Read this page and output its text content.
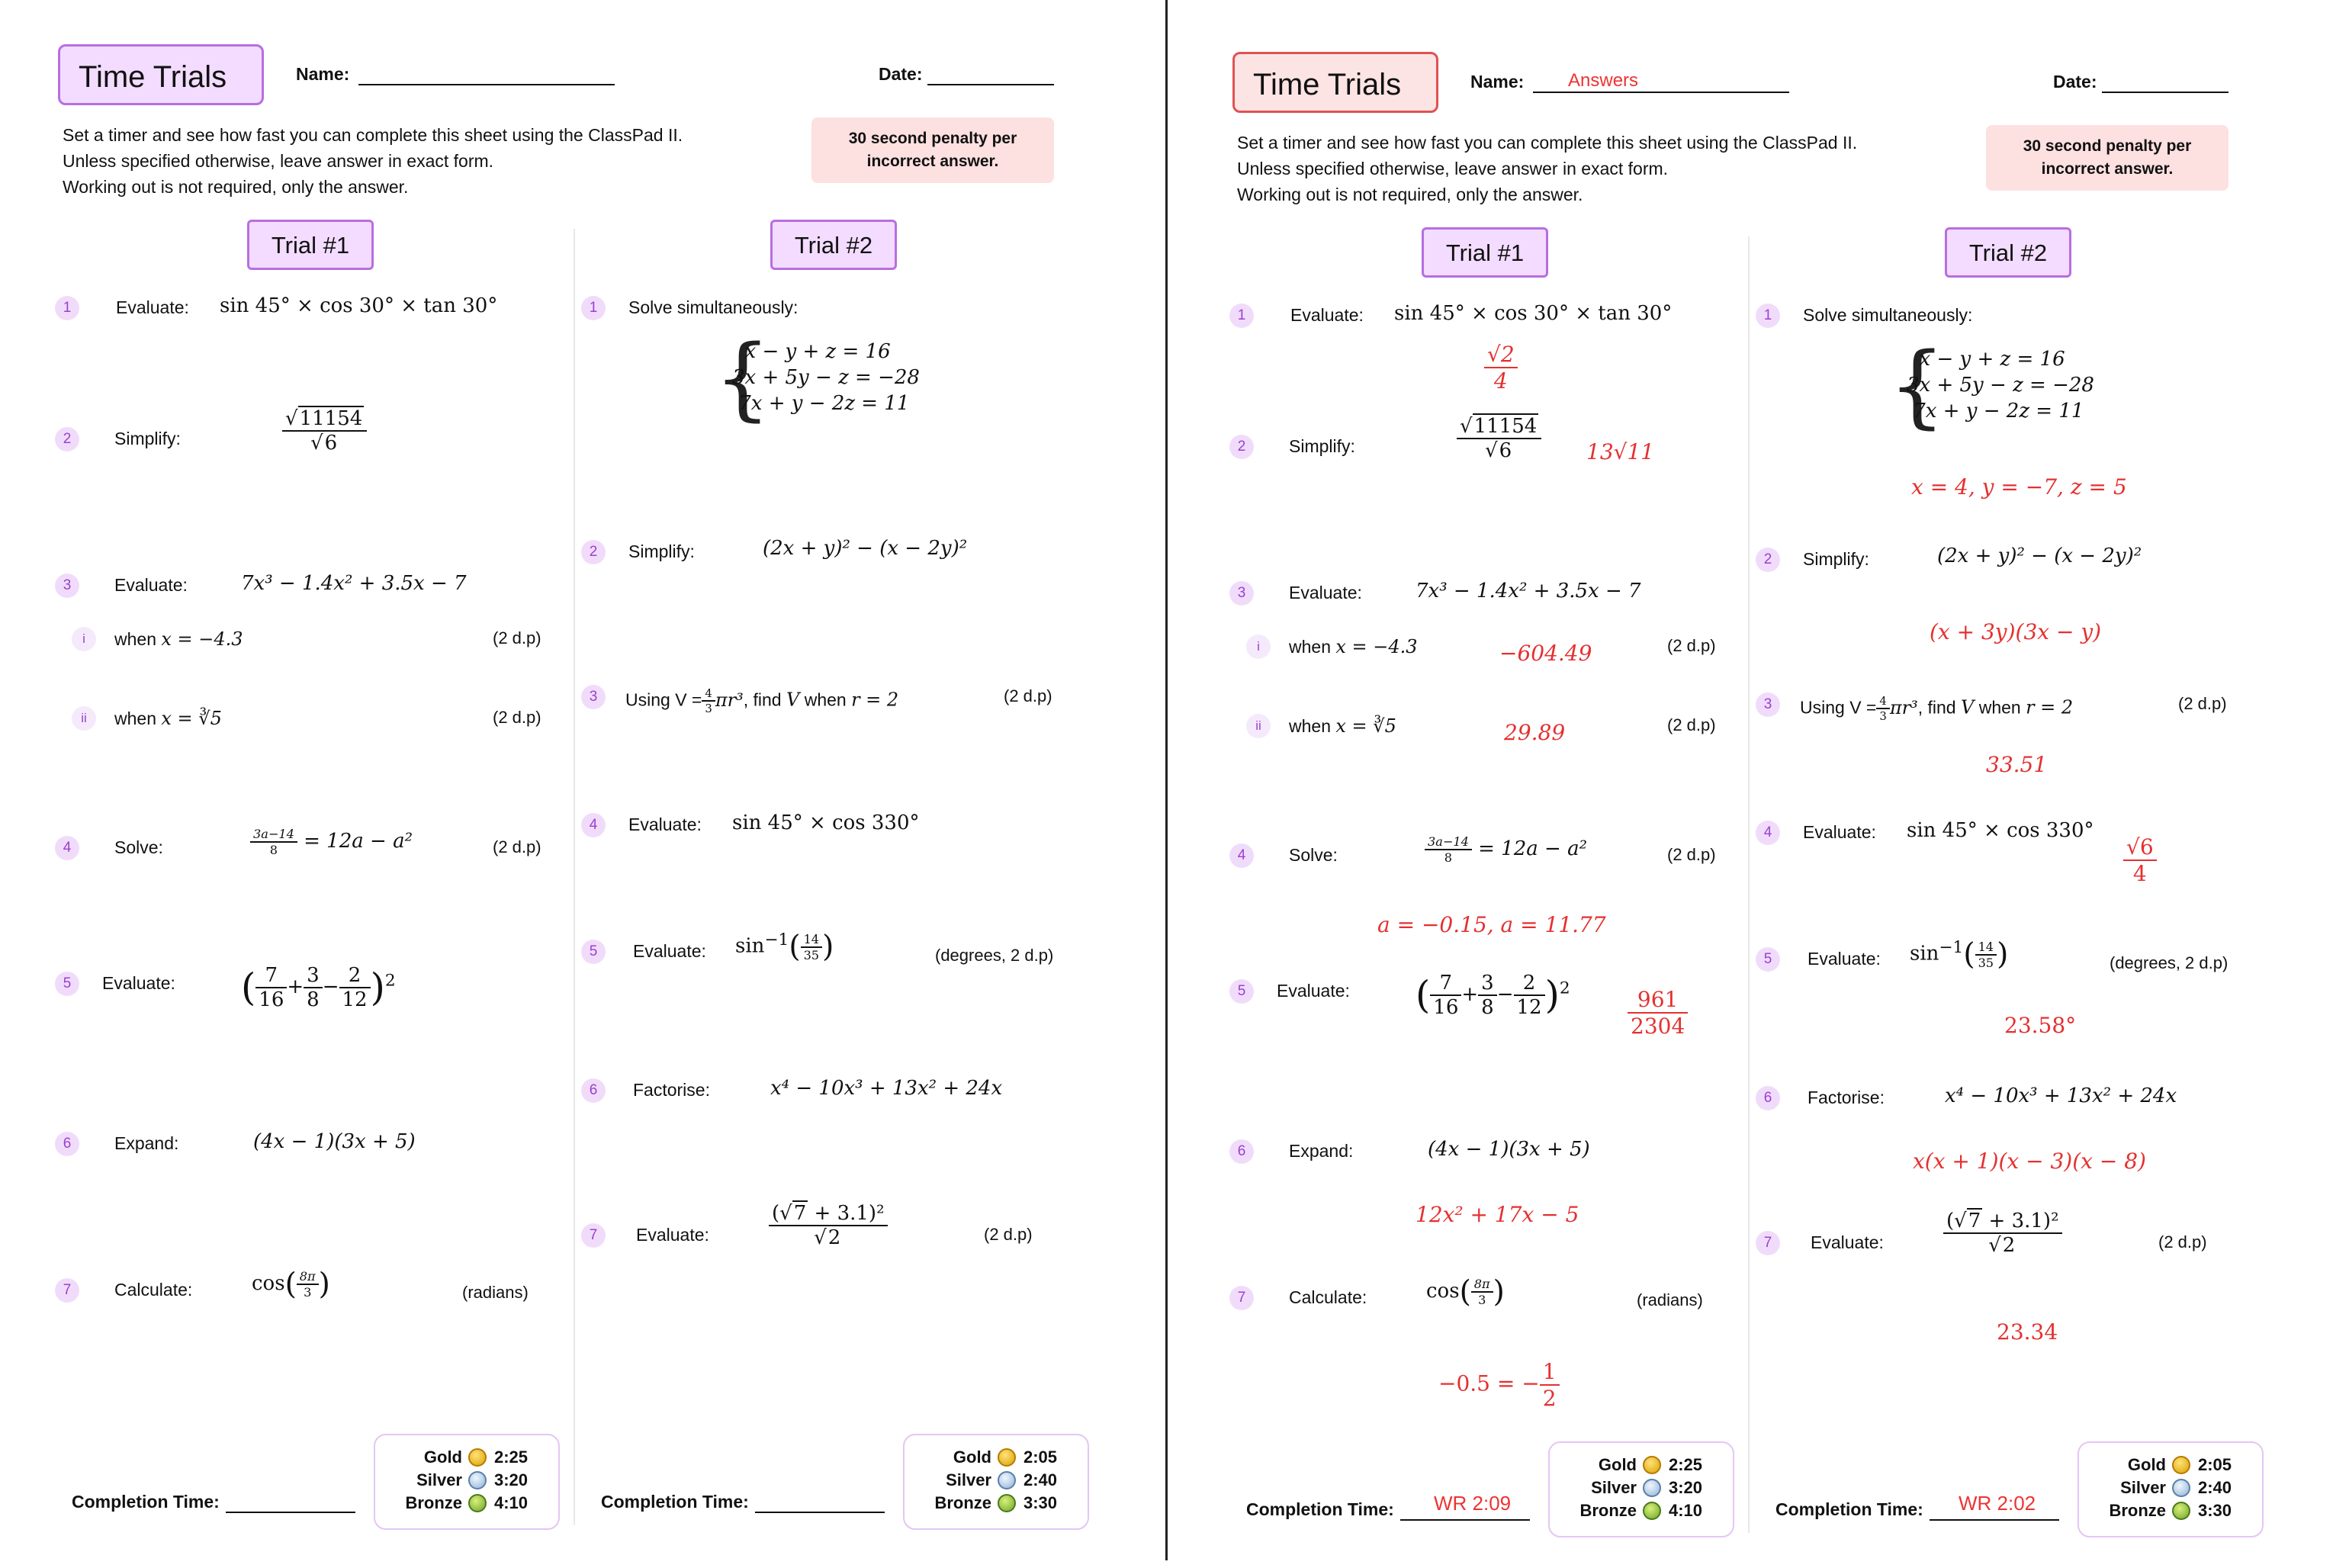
Time Trials	Name:	Date:
Set a timer and see how fast you can complete this sheet using the ClassPad II.
Unless specified otherwise, leave answer in exact form.
Working out is not required, only the answer.
30 second penalty per
incorrect answer.
Trial #1
1	Evaluate: sin 45° × cos 30° × tan 30°
2	Simplify:	$\frac{√11154}{√6}$
3	Evaluate:	7x³ − 1.4x² + 3.5x − 7
i	when x = −4.3	(2 d.p)
ii	when x = ∛5	(2 d.p)
4	Solve:	$\frac{3a-14}{8} = 12a - a^2$	(2 d.p)
5	Evaluate: ( $\frac{7}{16} + \frac{3}{8} - \frac{2}{12} )^2$
6	Expand:	(4x − 1)(3x + 5)
7	Calculate:	$\cos( \frac{8\pi}{3}$ )	(radians)
Completion Time:
Gold 2:25
Silver 3:20
Bronze 4:10
Trial #2
1	Solve simultaneously:
{
x − y + z = 16
3x + 5y − z = −28
7x + y − 2z = 11
2	Simplify:	(2x + y)² − (x − 2y)²
3	Using $V = \frac{4}{3} \pi r^3$, find V when r = 2	(2 d.p)
4	Evaluate: sin 45° × cos 330°
5	Evaluate: $\sin^{-1}( \frac{14}{35}$ )	(degrees, 2 d.p)
6	Factorise:	x⁴ − 10x³ + 13x² + 24x
7	Evaluate:	$\frac{\text{(√7 + 3.1)²}}{√2}$	(2 d.p)
Completion Time:
Gold 2:05
Silver 2:40
Bronze 3:30
Time Trials	Name: Answers	Date:
Set a timer and see how fast you can complete this sheet using the ClassPad II.
Unless specified otherwise, leave answer in exact form.
Working out is not required, only the answer.
30 second penalty per
incorrect answer.
Trial #1
1	Evaluate: sin 45° × cos 30° × tan 30°
$\frac{√2}{4}$
2	Simplify:	$\frac{√11154}{√6} 13√11$
3	Evaluate:	7x³ − 1.4x² + 3.5x − 7
i	when x = −4.3	(2 d.p)
−604.49
ii	when x = ∛5	(2 d.p)
29.89
4	Solve:	$\frac{3a-14}{8} = 12a - a^2$	(2 d.p)
a = −0.15, a = 11.77
5	Evaluate: ( $\frac{7}{16} + \frac{3}{8} - \frac{2}{12} )^2$	$\frac{961}{2304}$
6	Expand:	(4x − 1)(3x + 5)
12x² + 17x − 5
7	Calculate:	$\cos( \frac{8\pi}{3}$ )	(radians)
−0.5 = − $\frac{1}{2}$
Completion Time: WR 2:09
Gold 2:25
Silver 3:20
Bronze 4:10
Trial #2
1	Solve simultaneously:
{
x − y + z = 16
3x + 5y − z = −28
7x + y − 2z = 11
x = 4, y = −7, z = 5
2	Simplify:	(2x + y)² − (x − 2y)²
(x + 3y)(3x − y)
3	Using $V = \frac{4}{3} \pi r^3$, find V when r = 2	(2 d.p)
33.51
4	Evaluate: sin 45° × cos 330°
$\frac{√6}{4}$
5	Evaluate: $\sin^{-1}( \frac{14}{35}$ )	(degrees, 2 d.p)
23.58°
6	Factorise:	x⁴ − 10x³ + 13x² + 24x
x(x + 1)(x − 3)(x − 8)
7	Evaluate:	$\frac{\text{(√7 + 3.1)²}}{√2}$	(2 d.p)
23.34
Completion Time: WR 2:02
Gold 2:05
Silver 2:40
Bronze 3:30
